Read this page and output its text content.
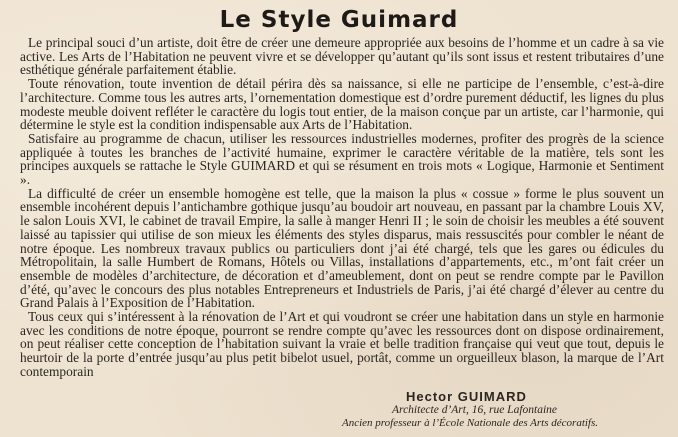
Le Style Guimard

Le principal souci d’un artiste, doit être de créer une demeure appropriée aux besoins de l’homme et un cadre à sa vie active. Les Arts de l’Habitation ne peuvent vivre et se développer qu’autant qu’ils sont issus et restent tributaires d’une esthétique générale parfaitement établie.

Toute rénovation, toute invention de détail périra dès sa naissance, si elle ne participe de l’ensemble, c’est-à-dire l’architecture. Comme tous les autres arts, l’ornementation domestique est d’ordre purement déductif, les lignes du plus modeste meuble doivent refléter le caractère du logis tout entier, de la maison conçue par un artiste, car l’harmonie, qui détermine le style est la condition indispensable aux Arts de l’Habitation.

Satisfaire au programme de chacun, utiliser les ressources industrielles modernes, profiter des progrès de la science appliquée à toutes les branches de l’activité humaine, exprimer le caractère véritable de la matière, tels sont les principes auxquels se rattache le Style GUIMARD et qui se résument en trois mots « Logique, Harmonie et Sentiment ».

La difficulté de créer un ensemble homogène est telle, que la maison la plus « cossue » forme le plus souvent un ensemble incohérent depuis l’antichambre gothique jusqu’au boudoir art nouveau, en passant par la chambre Louis XV, le salon Louis XVI, le cabinet de travail Empire, la salle à manger Henri II ; le soin de choisir les meubles a été souvent laissé au tapissier qui utilise de son mieux les éléments des styles disparus, mais ressuscités pour combler le néant de notre époque. Les nombreux travaux publics ou particuliers dont j’ai été chargé, tels que les gares ou édicules du Métropolitain, la salle Humbert de Romans, Hôtels ou Villas, installations d’appartements, etc., m’ont fait créer un ensemble de modèles d’architecture, de décoration et d’ameublement, dont on peut se rendre compte par le Pavillon d’été, qu’avec le concours des plus notables Entrepreneurs et Industriels de Paris, j’ai été chargé d’élever au centre du Grand Palais à l’Exposition de l’Habitation.

Tous ceux qui s’intéressent à la rénovation de l’Art et qui voudront se créer une habitation dans un style en harmonie avec les conditions de notre époque, pourront se rendre compte qu’avec les ressources dont on dispose ordinairement, on peut réaliser cette conception de l’habitation suivant la vraie et belle tradition française qui veut que tout, depuis le heurtoir de la porte d’entrée jusqu’au plus petit bibelot usuel, portât, comme un orgueilleux blason, la marque de l’Art contemporain

Hector GUIMARD
Architecte d’Art, 16, rue Lafontaine
Ancien professeur à l’École Nationale des Arts décoratifs.
